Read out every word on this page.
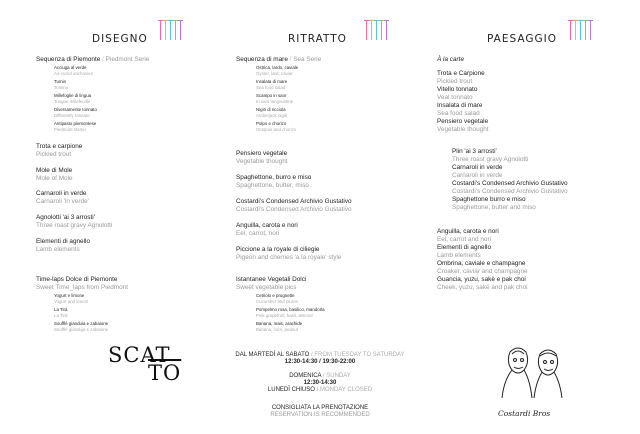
DISEGNO	RITRATTO	PAESAGGIO
Sequenza di Piemonte / Piedmont Serie
Acciuga al verde
Air-cured anchovies
Tumin
Tomino
Millefoglie di lingua
Tongue millefeuille
Diversamente tonnato
Differently tonnato
Antipasto piemontese
Piedmont starter
Trota e carpione
Pickled trout
Mole di Mole
Mole of Mole
Carnaroli in verde
Carnaroli 'in verde'
Agnolotti 'ai 3 arrosti'
Three roast gravy Agnolotti
Elementi di agnello
Lamb elements
Time-laps Dolce di Piemonte
Sweet Time_laps from Piedmont
Yogurt e limone
Yogurt and lemon
La Tirà
La Tirà
Soufflé gianduia e zabaione
Soufflé gianduja e zabaione
Sequenza di mare / Sea Serie
Ostrica, lardo, caviale
Oyster, lard, caviar
Insalata di mare
Sea food salad
Scampo in saor
In saor langoustine
Nigiri di ricciola
Amberjack nigiri
Polpo e chorizo
Octopus and chorizo
Pensiero vegetale
Vegetable thought
Spaghettone, burro e miso
Spaghettone, butter, miso
Costardi's Condensed Archivio Gustativo
Costardi's Condensed Archivio Gustativo
Anguilla, carota e nori
Eel, carrot, nori
Piccione a la royale di ciliegie
Pigeon and cherries 'a la royale' style
Istantanee Vegetali Dolci
Sweet vegetable pics
Cetriolo e prugnette
Cucumber and plums
Pompelmo rosa, basilico, mandorla
Pink grapefruit, basil, almond
Banana, mais, arachide
Banana, corn, peanut
À la carte
Trota e Carpione
Pickled trout
Vitello tonnato
Veal tonnato
Insalata di mare
Sea food salad
Pensiero vegetale
Vegetable thought
Plin 'ai 3 arrosti'
Three roast gravy Agnolotti
Carnaroli in verde
Carnaroli in verde
Costardi's Condensed Archivio Gustativo
Costardi's Condensed Archivio Gustativo
Spaghettone burro e miso
Spaghettone, butter and miso
Anguilla, carota e nori
Eel, carrot and nori
Elementi di agnello
Lamb elements
Ombrina, caviale e champagne
Croaker, caviar and champagne
Guancia, yuzu, sakè e pak choi
Cheek, yuzu, saké and pak choi
SCAT
$\overline{TO}$
DAL MARTEDÌ AL SABATO / FROM TUESDAY TO SATURDAY
12:30-14:30 / 19:30-22:00
DOMENICA / SUNDAY
12:30-14:30
LUNEDÌ CHIUSO / MONDAY CLOSED
CONSIGLIATA LA PRENOTAZIONE
RESERVATION IS RECOMMENDED	Costardi Bros
